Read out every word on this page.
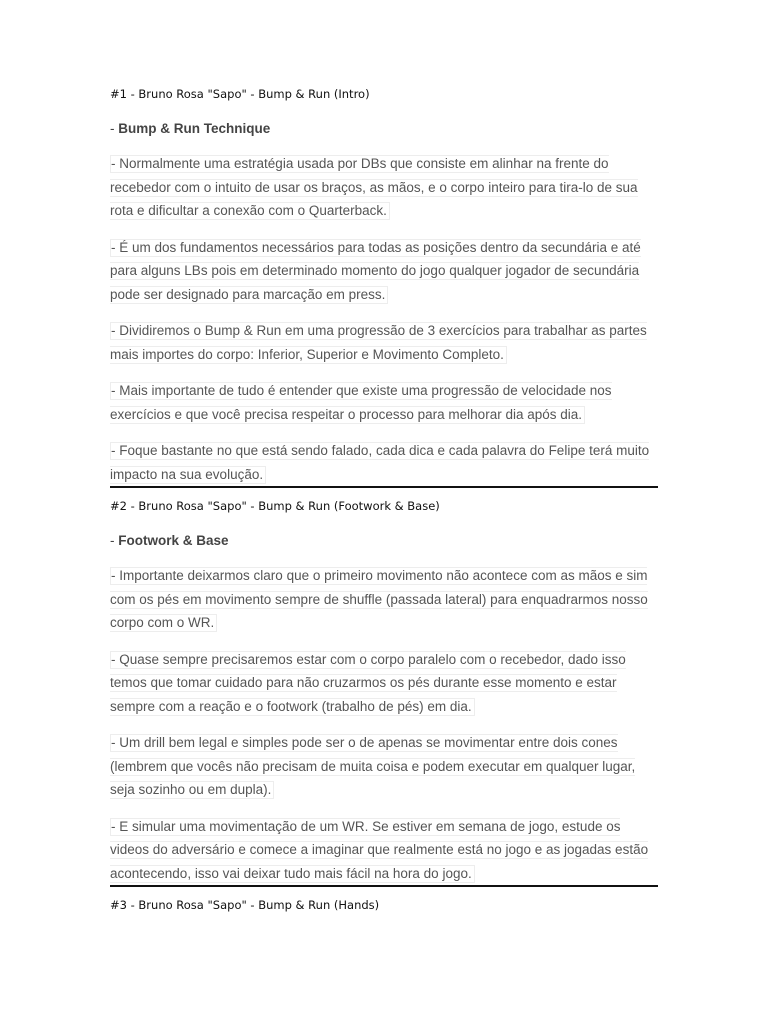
#1 - Bruno Rosa "Sapo" - Bump & Run (Intro)
- Bump & Run Technique
- Normalmente uma estratégia usada por DBs que consiste em alinhar na frente do recebedor com o intuito de usar os braços, as mãos, e o corpo inteiro para tira-lo de sua rota e dificultar a conexão com o Quarterback.
- É um dos fundamentos necessários para todas as posições dentro da secundária e até para alguns LBs pois em determinado momento do jogo qualquer jogador de secundária pode ser designado para marcação em press.
- Dividiremos o Bump & Run em uma progressão de 3 exercícios para trabalhar as partes mais importes do corpo: Inferior, Superior e Movimento Completo.
- Mais importante de tudo é entender que existe uma progressão de velocidade nos exercícios e que você precisa respeitar o processo para melhorar dia após dia.
- Foque bastante no que está sendo falado, cada dica e cada palavra do Felipe terá muito impacto na sua evolução.
#2 - Bruno Rosa "Sapo" - Bump & Run (Footwork & Base)
- Footwork & Base
- Importante deixarmos claro que o primeiro movimento não acontece com as mãos e sim com os pés em movimento sempre de shuffle (passada lateral) para enquadrarmos nosso corpo com o WR.
- Quase sempre precisaremos estar com o corpo paralelo com o recebedor, dado isso temos que tomar cuidado para não cruzarmos os pés durante esse momento e estar sempre com a reação e o footwork (trabalho de pés) em dia.
- Um drill bem legal e simples pode ser o de apenas se movimentar entre dois cones (lembrem que vocês não precisam de muita coisa e podem executar em qualquer lugar, seja sozinho ou em dupla).
- E simular uma movimentação de um WR. Se estiver em semana de jogo, estude os videos do adversário e comece a imaginar que realmente está no jogo e as jogadas estão acontecendo, isso vai deixar tudo mais fácil na hora do jogo.
#3 - Bruno Rosa "Sapo" - Bump & Run (Hands)
